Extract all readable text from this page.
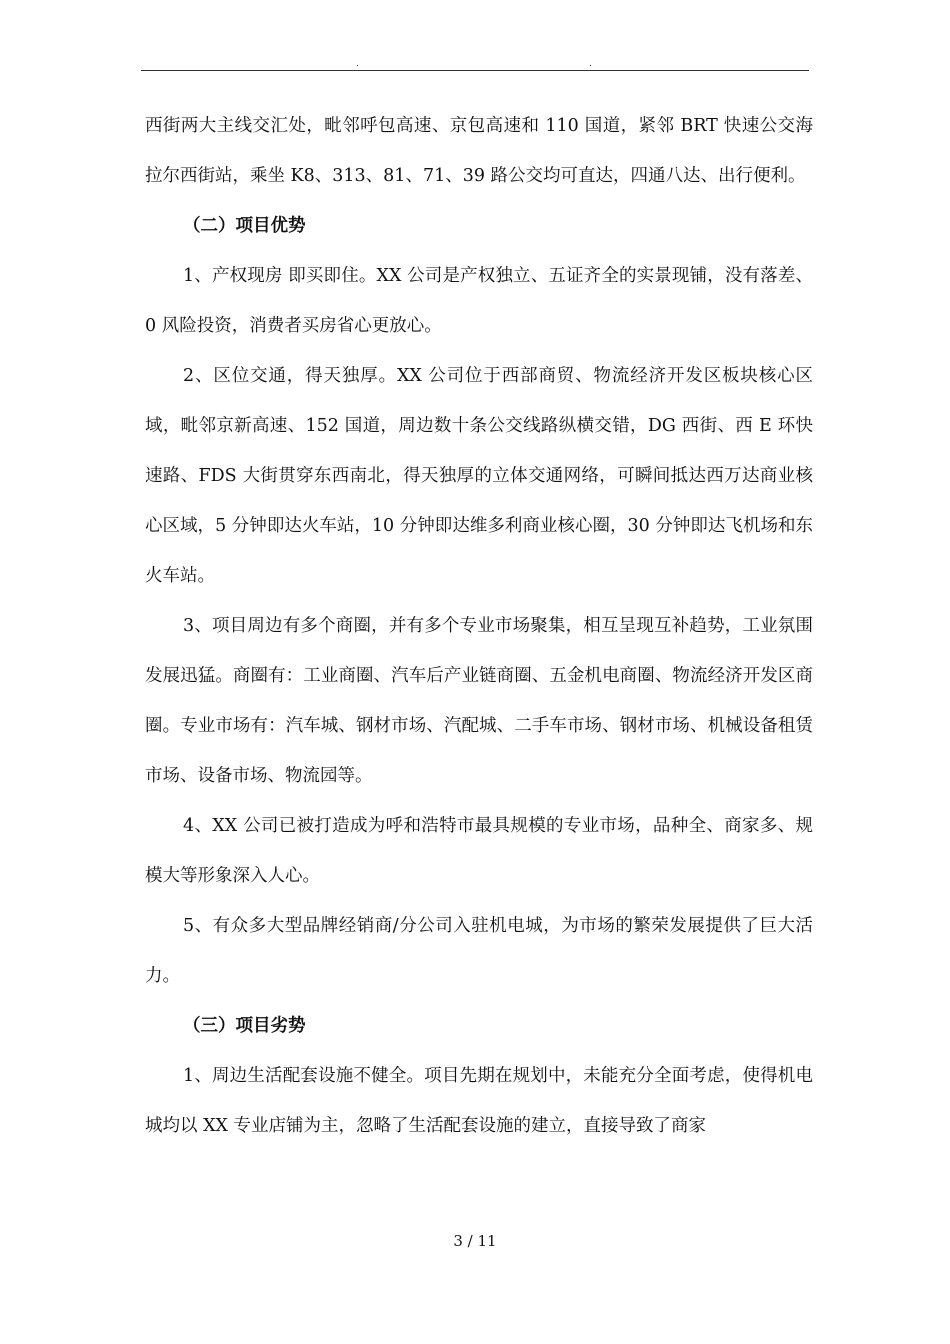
.	.

西街两大主线交汇处，毗邻呼包高速、京包高速和 110 国道，紧邻 BRT 快速公交海拉尔西街站，乘坐 K8、313、81、71、39 路公交均可直达，四通八达、出行便利。

（二）项目优势

1、产权现房 即买即住。XX 公司是产权独立、五证齐全的实景现铺，没有落差、0 风险投资，消费者买房省心更放心。

2、区位交通，得天独厚。XX 公司位于西部商贸、物流经济开发区板块核心区域，毗邻京新高速、152 国道，周边数十条公交线路纵横交错，DG 西街、西 E 环快速路、FDS 大街贯穿东西南北，得天独厚的立体交通网络，可瞬间抵达西万达商业核心区域，5 分钟即达火车站，10 分钟即达维多利商业核心圈，30 分钟即达飞机场和东火车站。

3、项目周边有多个商圈，并有多个专业市场聚集，相互呈现互补趋势，工业氛围发展迅猛。商圈有：工业商圈、汽车后产业链商圈、五金机电商圈、物流经济开发区商圈。专业市场有：汽车城、钢材市场、汽配城、二手车市场、钢材市场、机械设备租赁市场、设备市场、物流园等。

4、XX 公司已被打造成为呼和浩特市最具规模的专业市场，品种全、商家多、规模大等形象深入人心。

5、有众多大型品牌经销商/分公司入驻机电城，为市场的繁荣发展提供了巨大活力。

（三）项目劣势

1、周边生活配套设施不健全。项目先期在规划中，未能充分全面考虑，使得机电城均以 XX 专业店铺为主，忽略了生活配套设施的建立，直接导致了商家

3 / 11
